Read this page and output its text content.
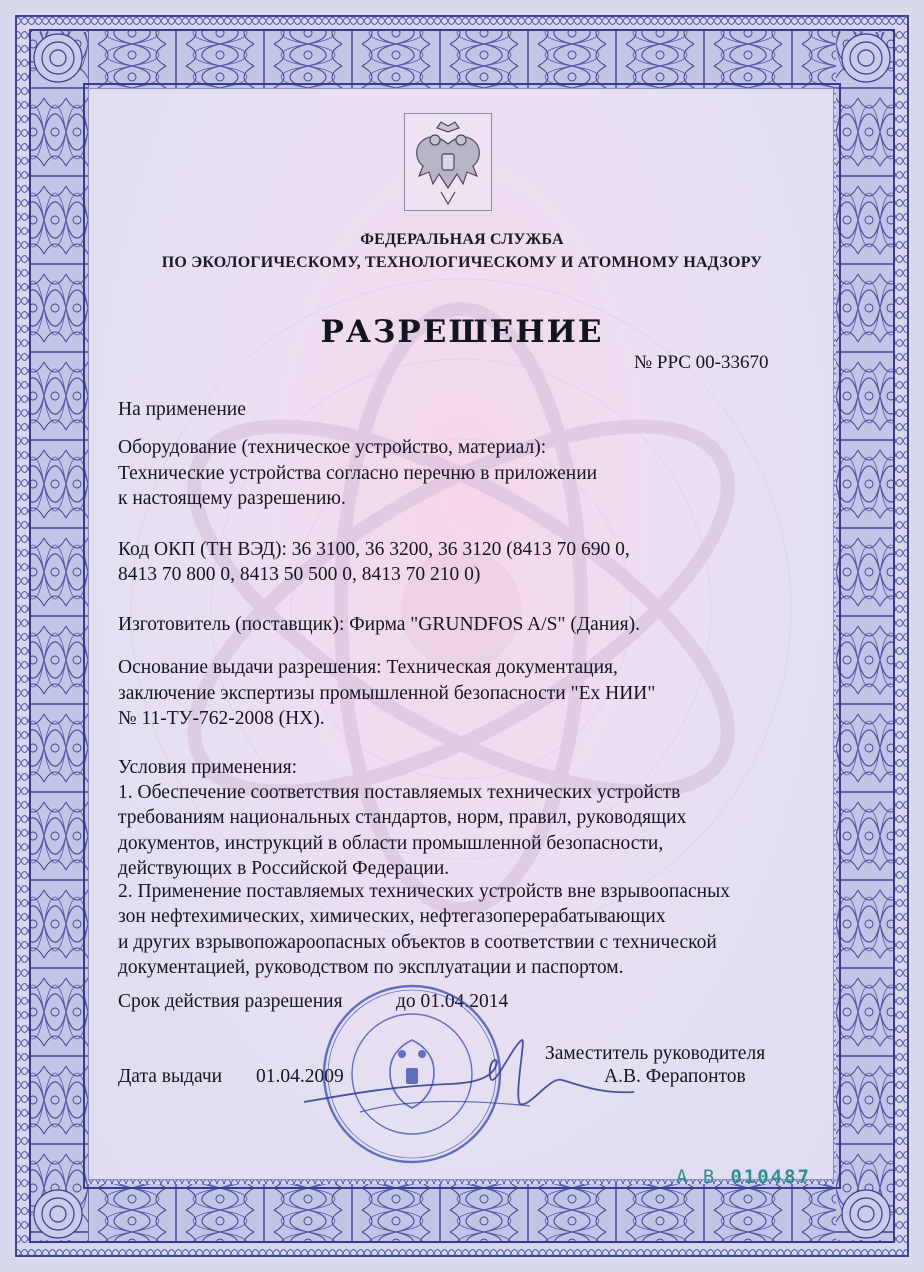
ФЕДЕРАЛЬНАЯ СЛУЖБА
ПО ЭКОЛОГИЧЕСКОМУ, ТЕХНОЛОГИЧЕСКОМУ И АТОМНОМУ НАДЗОРУ
РАЗРЕШЕНИЕ
№ РРС 00-33670
На применение
Оборудование (техническое устройство, материал):
Технические устройства согласно перечню в приложении
к настоящему разрешению.
Код ОКП (ТН ВЭД): 36 3100, 36 3200, 36 3120 (8413 70 690 0,
8413 70 800 0, 8413 50 500 0, 8413 70 210 0)
Изготовитель (поставщик): Фирма "GRUNDFOS A/S" (Дания).
Основание выдачи разрешения: Техническая документация,
заключение экспертизы промышленной безопасности "Ех НИИ"
№ 11-ТУ-762-2008 (НХ).
Условия применения:
1. Обеспечение соответствия поставляемых технических устройств
требованиям национальных стандартов, норм, правил, руководящих
документов, инструкций в области промышленной безопасности,
действующих в Российской Федерации.
2. Применение поставляемых технических устройств вне взрывоопасных
зон нефтехимических, химических, нефтегазоперерабатывающих
и других взрывопожароопасных объектов в соответствии с технической
документацией, руководством по эксплуатации и паспортом.
Срок действия разрешения	до 01.04.2014
Заместитель руководителя
А.В. Ферапонтов
Дата выдачи 01.04.2009
А В 010487
